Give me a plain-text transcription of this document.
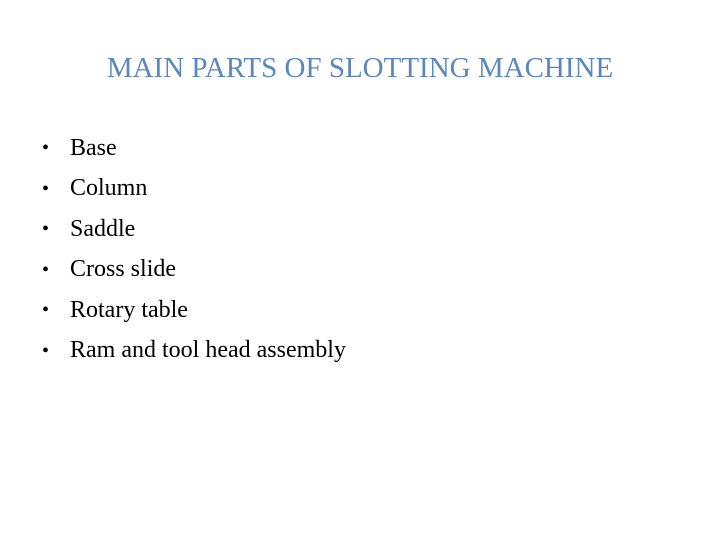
MAIN PARTS OF SLOTTING MACHINE
• Base
• Column
• Saddle
• Cross slide
• Rotary table
• Ram and tool head assembly
